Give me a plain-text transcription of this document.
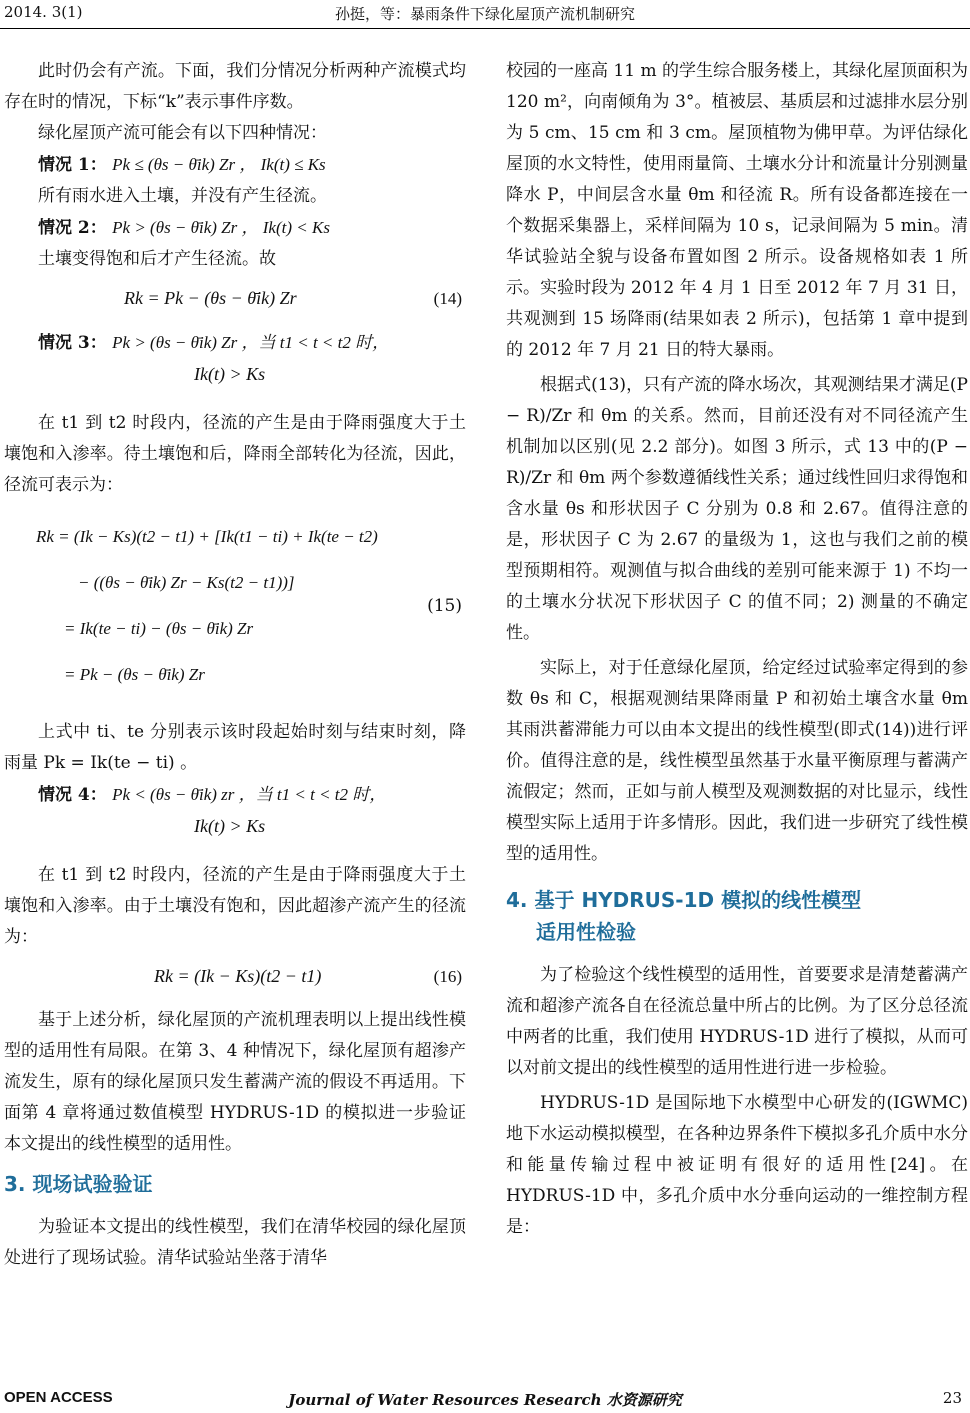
2014. 3(1)	孙挺，等：暴雨条件下绿化屋顶产流机制研究

此时仍会有产流。下面，我们分情况分析两种产流模式均存在时的情况，下标“k”表示事件序数。

绿化屋顶产流可能会有以下四种情况：

情况 1： Pk ≤ (θs − θ̄ik) Zr ， Ik(t) ≤ Ks
所有雨水进入土壤，并没有产生径流。
情况 2： Pk > (θs − θ̄ik) Zr ， Ik(t) < Ks
土壤变得饱和后才产生径流。故
Rk = Pk − (θs − θ̄ik) Zr	(14)
情况 3： Pk > (θs − θ̄ik) Zr ，当 t1 < t < t2 时，
Ik(t) > Ks

在 t1 到 t2 时段内，径流的产生是由于降雨强度大于土壤饱和入渗率。待土壤饱和后，降雨全部转化为径流，因此，径流可表示为：

Rk = (Ik − Ks)(t2 − t1) + [Ik(t1 − ti) + Ik(te − t2)
− ((θs − θ̄ik) Zr − Ks(t2 − t1))]
= Ik(te − ti) − (θs − θ̄ik) Zr
= Pk − (θs − θ̄ik) Zr
(15)

上式中 ti、te 分别表示该时段起始时刻与结束时刻，降雨量 Pk = Ik(te − ti) 。

情况 4： Pk < (θs − θ̄ik) zr ，当 t1 < t < t2 时，
Ik(t) > Ks

在 t1 到 t2 时段内，径流的产生是由于降雨强度大于土壤饱和入渗率。由于土壤没有饱和，因此超渗产流产生的径流为：

Rk = (Ik − Ks)(t2 − t1)	(16)

基于上述分析，绿化屋顶的产流机理表明以上提出线性模型的适用性有局限。在第 3、4 种情况下，绿化屋顶有超渗产流发生，原有的绿化屋顶只发生蓄满产流的假设不再适用。下面第 4 章将通过数值模型 HYDRUS-1D 的模拟进一步验证本文提出的线性模型的适用性。

3. 现场试验验证

为验证本文提出的线性模型，我们在清华校园的绿化屋顶处进行了现场试验。清华试验站坐落于清华

校园的一座高 11 m 的学生综合服务楼上，其绿化屋顶面积为 120 m²，向南倾角为 3°。植被层、基质层和过滤排水层分别为 5 cm、15 cm 和 3 cm。屋顶植物为佛甲草。为评估绿化屋顶的水文特性，使用雨量筒、土壤水分计和流量计分别测量降水 P，中间层含水量 θm 和径流 R。所有设备都连接在一个数据采集器上，采样间隔为 10 s，记录间隔为 5 min。清华试验站全貌与设备布置如图 2 所示。设备规格如表 1 所示。实验时段为 2012 年 4 月 1 日至 2012 年 7 月 31 日，共观测到 15 场降雨(结果如表 2 所示)，包括第 1 章中提到的 2012 年 7 月 21 日的特大暴雨。

根据式(13)，只有产流的降水场次，其观测结果才满足(P − R)/Zr 和 θm 的关系。然而，目前还没有对不同径流产生机制加以区别(见 2.2 部分)。如图 3 所示，式 13 中的(P − R)/Zr 和 θm 两个参数遵循线性关系；通过线性回归求得饱和含水量 θs 和形状因子 C 分别为 0.8 和 2.67。值得注意的是，形状因子 C 为 2.67 的量级为 1，这也与我们之前的模型预期相符。观测值与拟合曲线的差别可能来源于 1) 不均一的土壤水分状况下形状因子 C 的值不同；2) 测量的不确定性。

实际上，对于任意绿化屋顶，给定经过试验率定得到的参数 θs 和 C，根据观测结果降雨量 P 和初始土壤含水量 θm 其雨洪蓄滞能力可以由本文提出的线性模型(即式(14))进行评价。值得注意的是，线性模型虽然基于水量平衡原理与蓄满产流假定；然而，正如与前人模型及观测数据的对比显示，线性模型实际上适用于许多情形。因此，我们进一步研究了线性模型的适用性。

4. 基于 HYDRUS-1D 模拟的线性模型
适用性检验

为了检验这个线性模型的适用性，首要要求是清楚蓄满产流和超渗产流各自在径流总量中所占的比例。为了区分总径流中两者的比重，我们使用 HYDRUS-1D 进行了模拟，从而可以对前文提出的线性模型的适用性进行进一步检验。

HYDRUS-1D 是国际地下水模型中心研发的(IGWMC)地下水运动模拟模型，在各种边界条件下模拟多孔介质中水分和能量传输过程中被证明有很好的适用性[24]。在 HYDRUS-1D 中，多孔介质中水分垂向运动的一维控制方程是：

OPEN ACCESS	Journal of Water Resources Research 水资源研究	23
